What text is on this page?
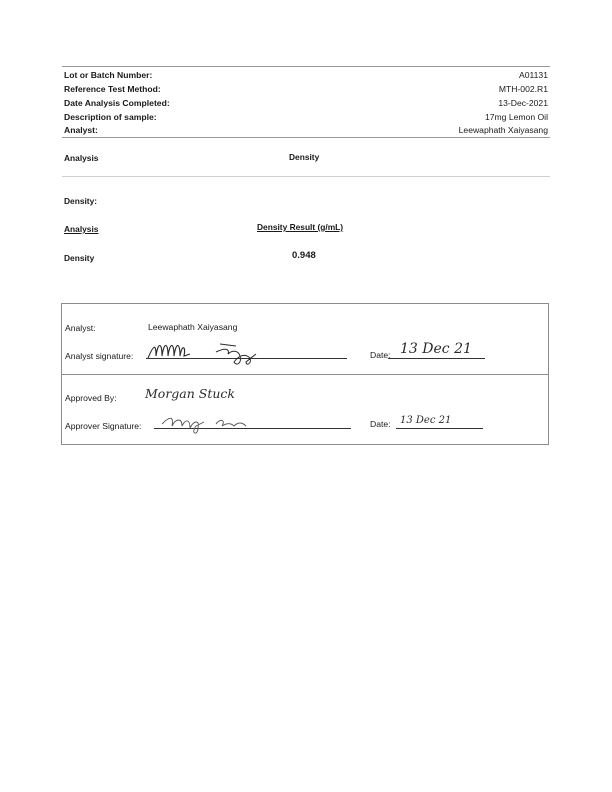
Lot or Batch Number:	A01131
Reference Test Method:	MTH-002.R1
Date Analysis Completed:	13-Dec-2021
Description of sample:	17mg Lemon Oil
Analyst:	Leewaphath Xaiyasang
Analysis	Density
Density:
Analysis	Density Result (g/mL)
Density	0.948
Analyst:	Leewaphath Xaiyasang
Analyst signature:	Date: 13 Dec 21
Approved By: Morgan Stuck
Approver Signature:	Date: 13 Dec 21
